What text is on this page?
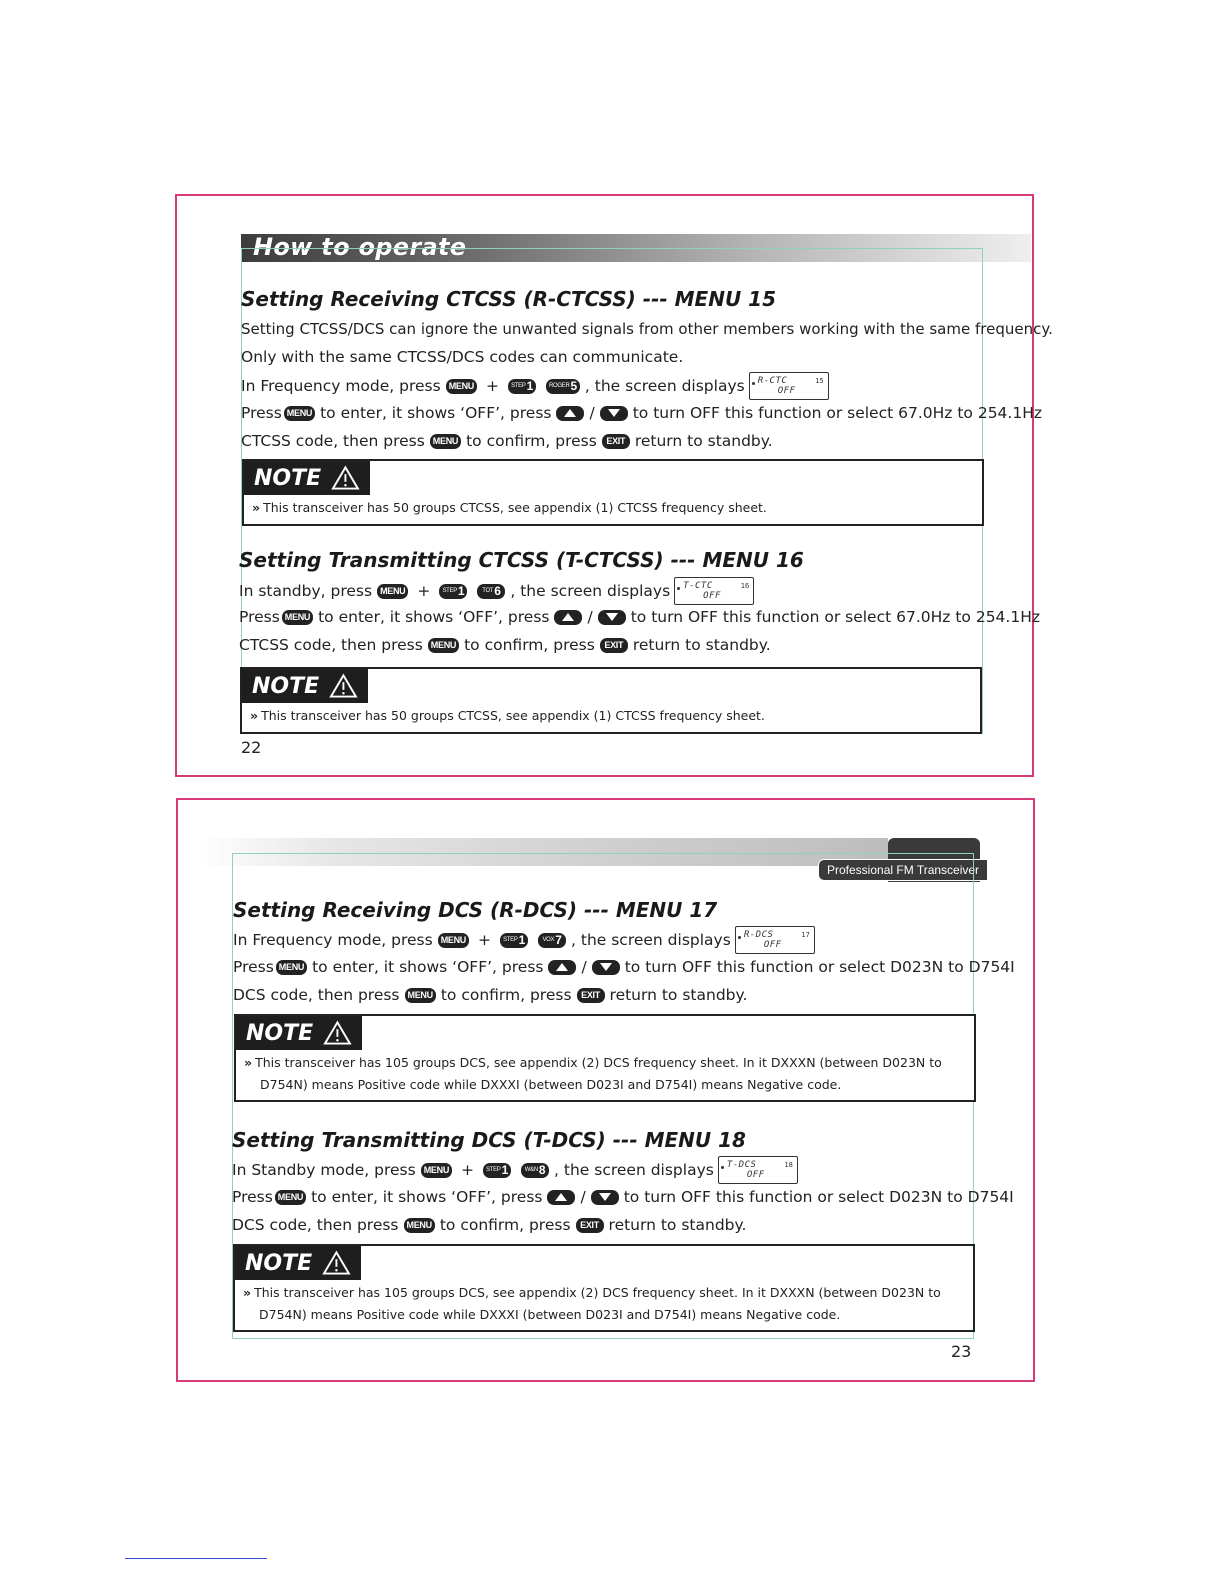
How to operate
Setting Receiving CTCSS (R-CTCSS) --- MENU 15
Setting CTCSS/DCS can ignore the unwanted signals from other members working with the same frequency.
Only with the same CTCSS/DCS codes can communicate.
In Frequency mode, press MENU + STEP 1	ROGER 5 , the screen displays

R-CTC

OFF

15

Press MENU to enter, it shows ‘OFF’, press / to turn OFF this function or select 67.0Hz to 254.1Hz
CTCSS code, then press MENU to confirm, press	EXIT return to standby.
NOTE
» This transceiver has 50 groups CTCSS, see appendix (1) CTCSS frequency sheet.
Setting Transmitting CTCSS (T-CTCSS) --- MENU 16
In standby, press MENU + STEP 1	TOT 6 , the screen displays

T-CTC

OFF

16

Press MENU to enter, it shows ‘OFF’, press / to turn OFF this function or select 67.0Hz to 254.1Hz
CTCSS code, then press MENU to confirm, press	EXIT return to standby.
NOTE
» This transceiver has 50 groups CTCSS, see appendix (1) CTCSS frequency sheet.
22
Professional FM Transceiver
Setting Receiving DCS (R-DCS) --- MENU 17
In Frequency mode, press MENU + STEP 1	VOX 7 , the screen displays

R-DCS

OFF

17

Press MENU to enter, it shows ‘OFF’, press / to turn OFF this function or select D023N to D754I
DCS code, then press MENU to confirm, press	EXIT return to standby.
NOTE
» This transceiver has 105 groups DCS, see appendix (2) DCS frequency sheet. In it DXXXN (between D023N to
D754N) means Positive code while DXXXI (between D023I and D754I) means Negative code.
Setting Transmitting DCS (T-DCS) --- MENU 18
In Standby mode, press MENU + STEP 1	W&N 8 , the screen displays

T-DCS

OFF

18

Press MENU to enter, it shows ‘OFF’, press / to turn OFF this function or select D023N to D754I
DCS code, then press MENU to confirm, press	EXIT return to standby.
NOTE
» This transceiver has 105 groups DCS, see appendix (2) DCS frequency sheet. In it DXXXN (between D023N to
D754N) means Positive code while DXXXI (between D023I and D754I) means Negative code.
23
